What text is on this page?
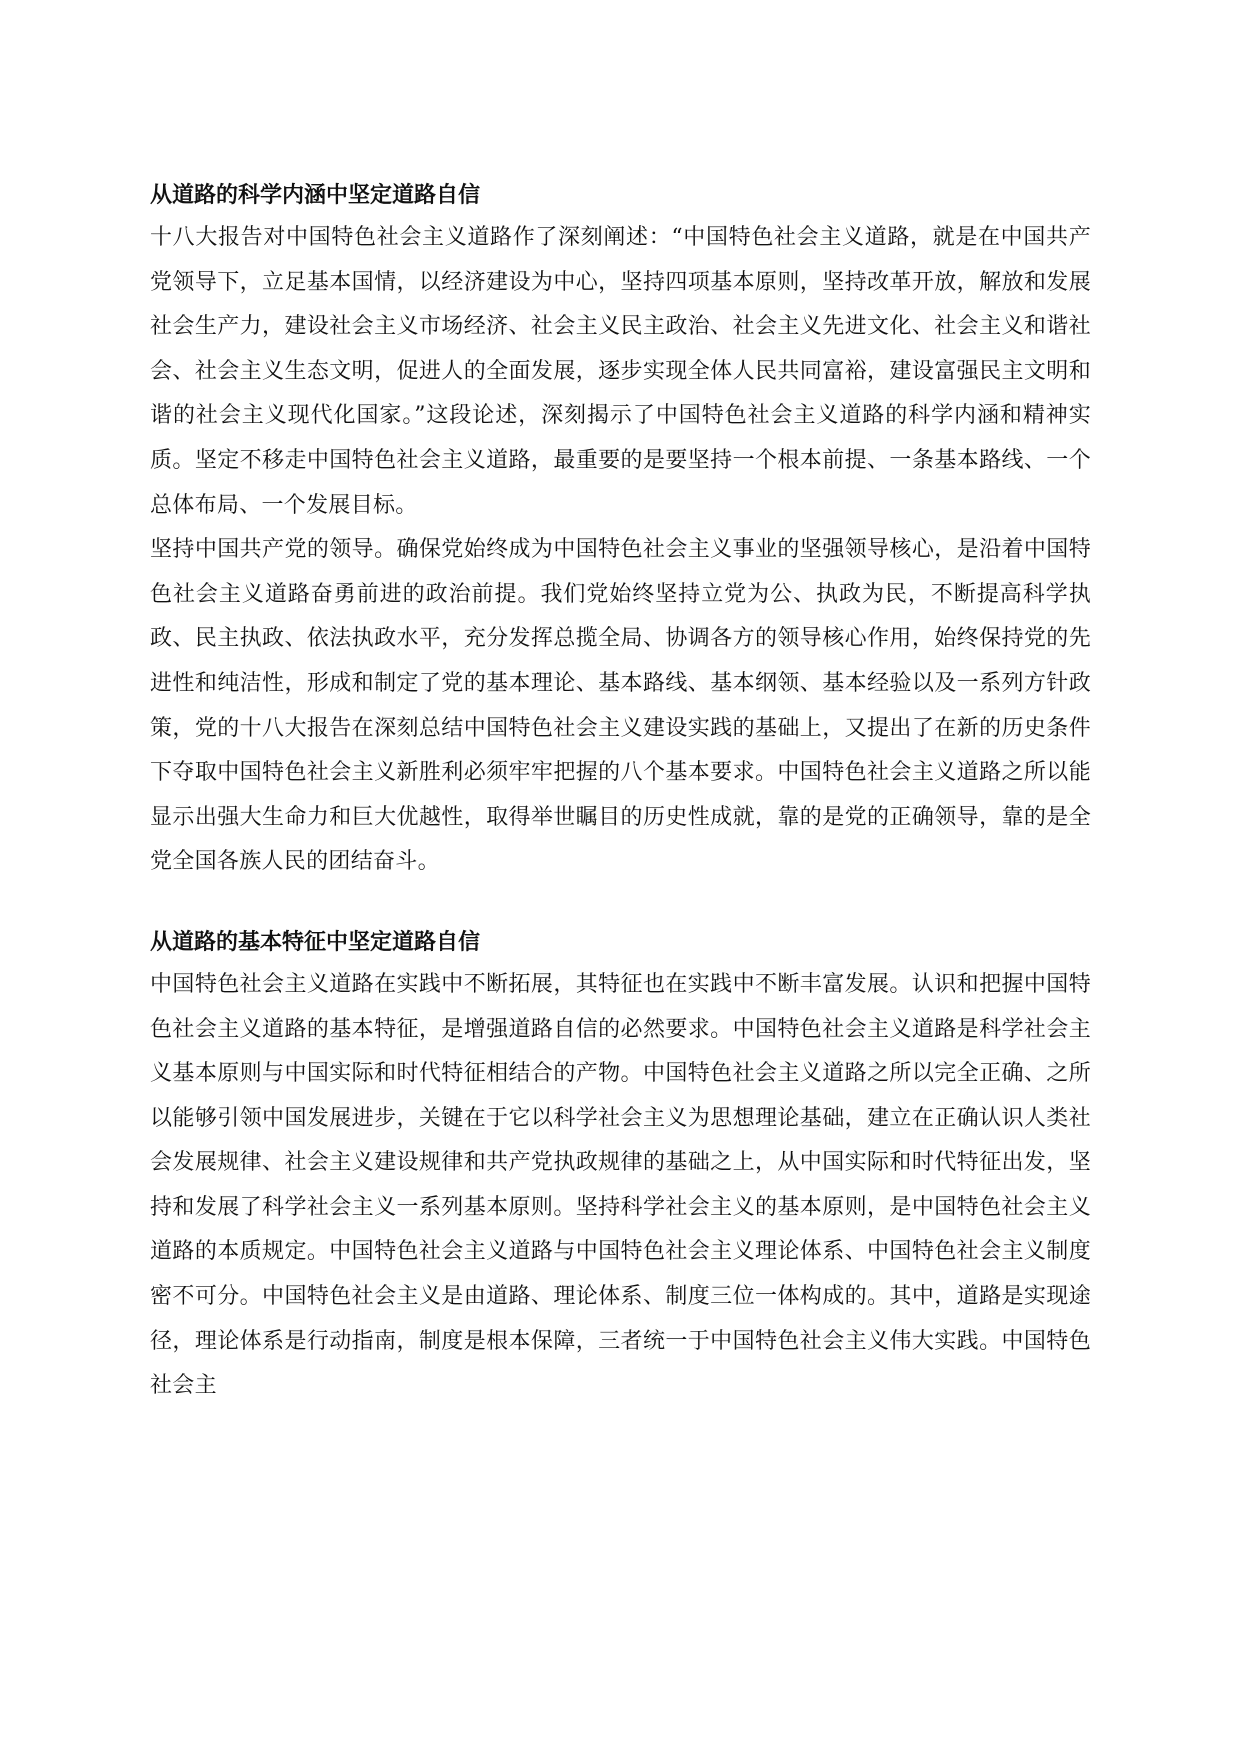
从道路的科学内涵中坚定道路自信

十八大报告对中国特色社会主义道路作了深刻阐述：“中国特色社会主义道路，就是在中国共产党领导下，立足基本国情，以经济建设为中心，坚持四项基本原则，坚持改革开放，解放和发展社会生产力，建设社会主义市场经济、社会主义民主政治、社会主义先进文化、社会主义和谐社会、社会主义生态文明，促进人的全面发展，逐步实现全体人民共同富裕，建设富强民主文明和谐的社会主义现代化国家。”这段论述，深刻揭示了中国特色社会主义道路的科学内涵和精神实质。坚定不移走中国特色社会主义道路，最重要的是要坚持一个根本前提、一条基本路线、一个总体布局、一个发展目标。

坚持中国共产党的领导。确保党始终成为中国特色社会主义事业的坚强领导核心，是沿着中国特色社会主义道路奋勇前进的政治前提。我们党始终坚持立党为公、执政为民，不断提高科学执政、民主执政、依法执政水平，充分发挥总揽全局、协调各方的领导核心作用，始终保持党的先进性和纯洁性，形成和制定了党的基本理论、基本路线、基本纲领、基本经验以及一系列方针政策，党的十八大报告在深刻总结中国特色社会主义建设实践的基础上，又提出了在新的历史条件下夺取中国特色社会主义新胜利必须牢牢把握的八个基本要求。中国特色社会主义道路之所以能显示出强大生命力和巨大优越性，取得举世瞩目的历史性成就，靠的是党的正确领导，靠的是全党全国各族人民的团结奋斗。

从道路的基本特征中坚定道路自信

中国特色社会主义道路在实践中不断拓展，其特征也在实践中不断丰富发展。认识和把握中国特色社会主义道路的基本特征，是增强道路自信的必然要求。中国特色社会主义道路是科学社会主义基本原则与中国实际和时代特征相结合的产物。中国特色社会主义道路之所以完全正确、之所以能够引领中国发展进步，关键在于它以科学社会主义为思想理论基础，建立在正确认识人类社会发展规律、社会主义建设规律和共产党执政规律的基础之上，从中国实际和时代特征出发，坚持和发展了科学社会主义一系列基本原则。坚持科学社会主义的基本原则，是中国特色社会主义道路的本质规定。中国特色社会主义道路与中国特色社会主义理论体系、中国特色社会主义制度密不可分。中国特色社会主义是由道路、理论体系、制度三位一体构成的。其中，道路是实现途径，理论体系是行动指南，制度是根本保障，三者统一于中国特色社会主义伟大实践。中国特色社会主
